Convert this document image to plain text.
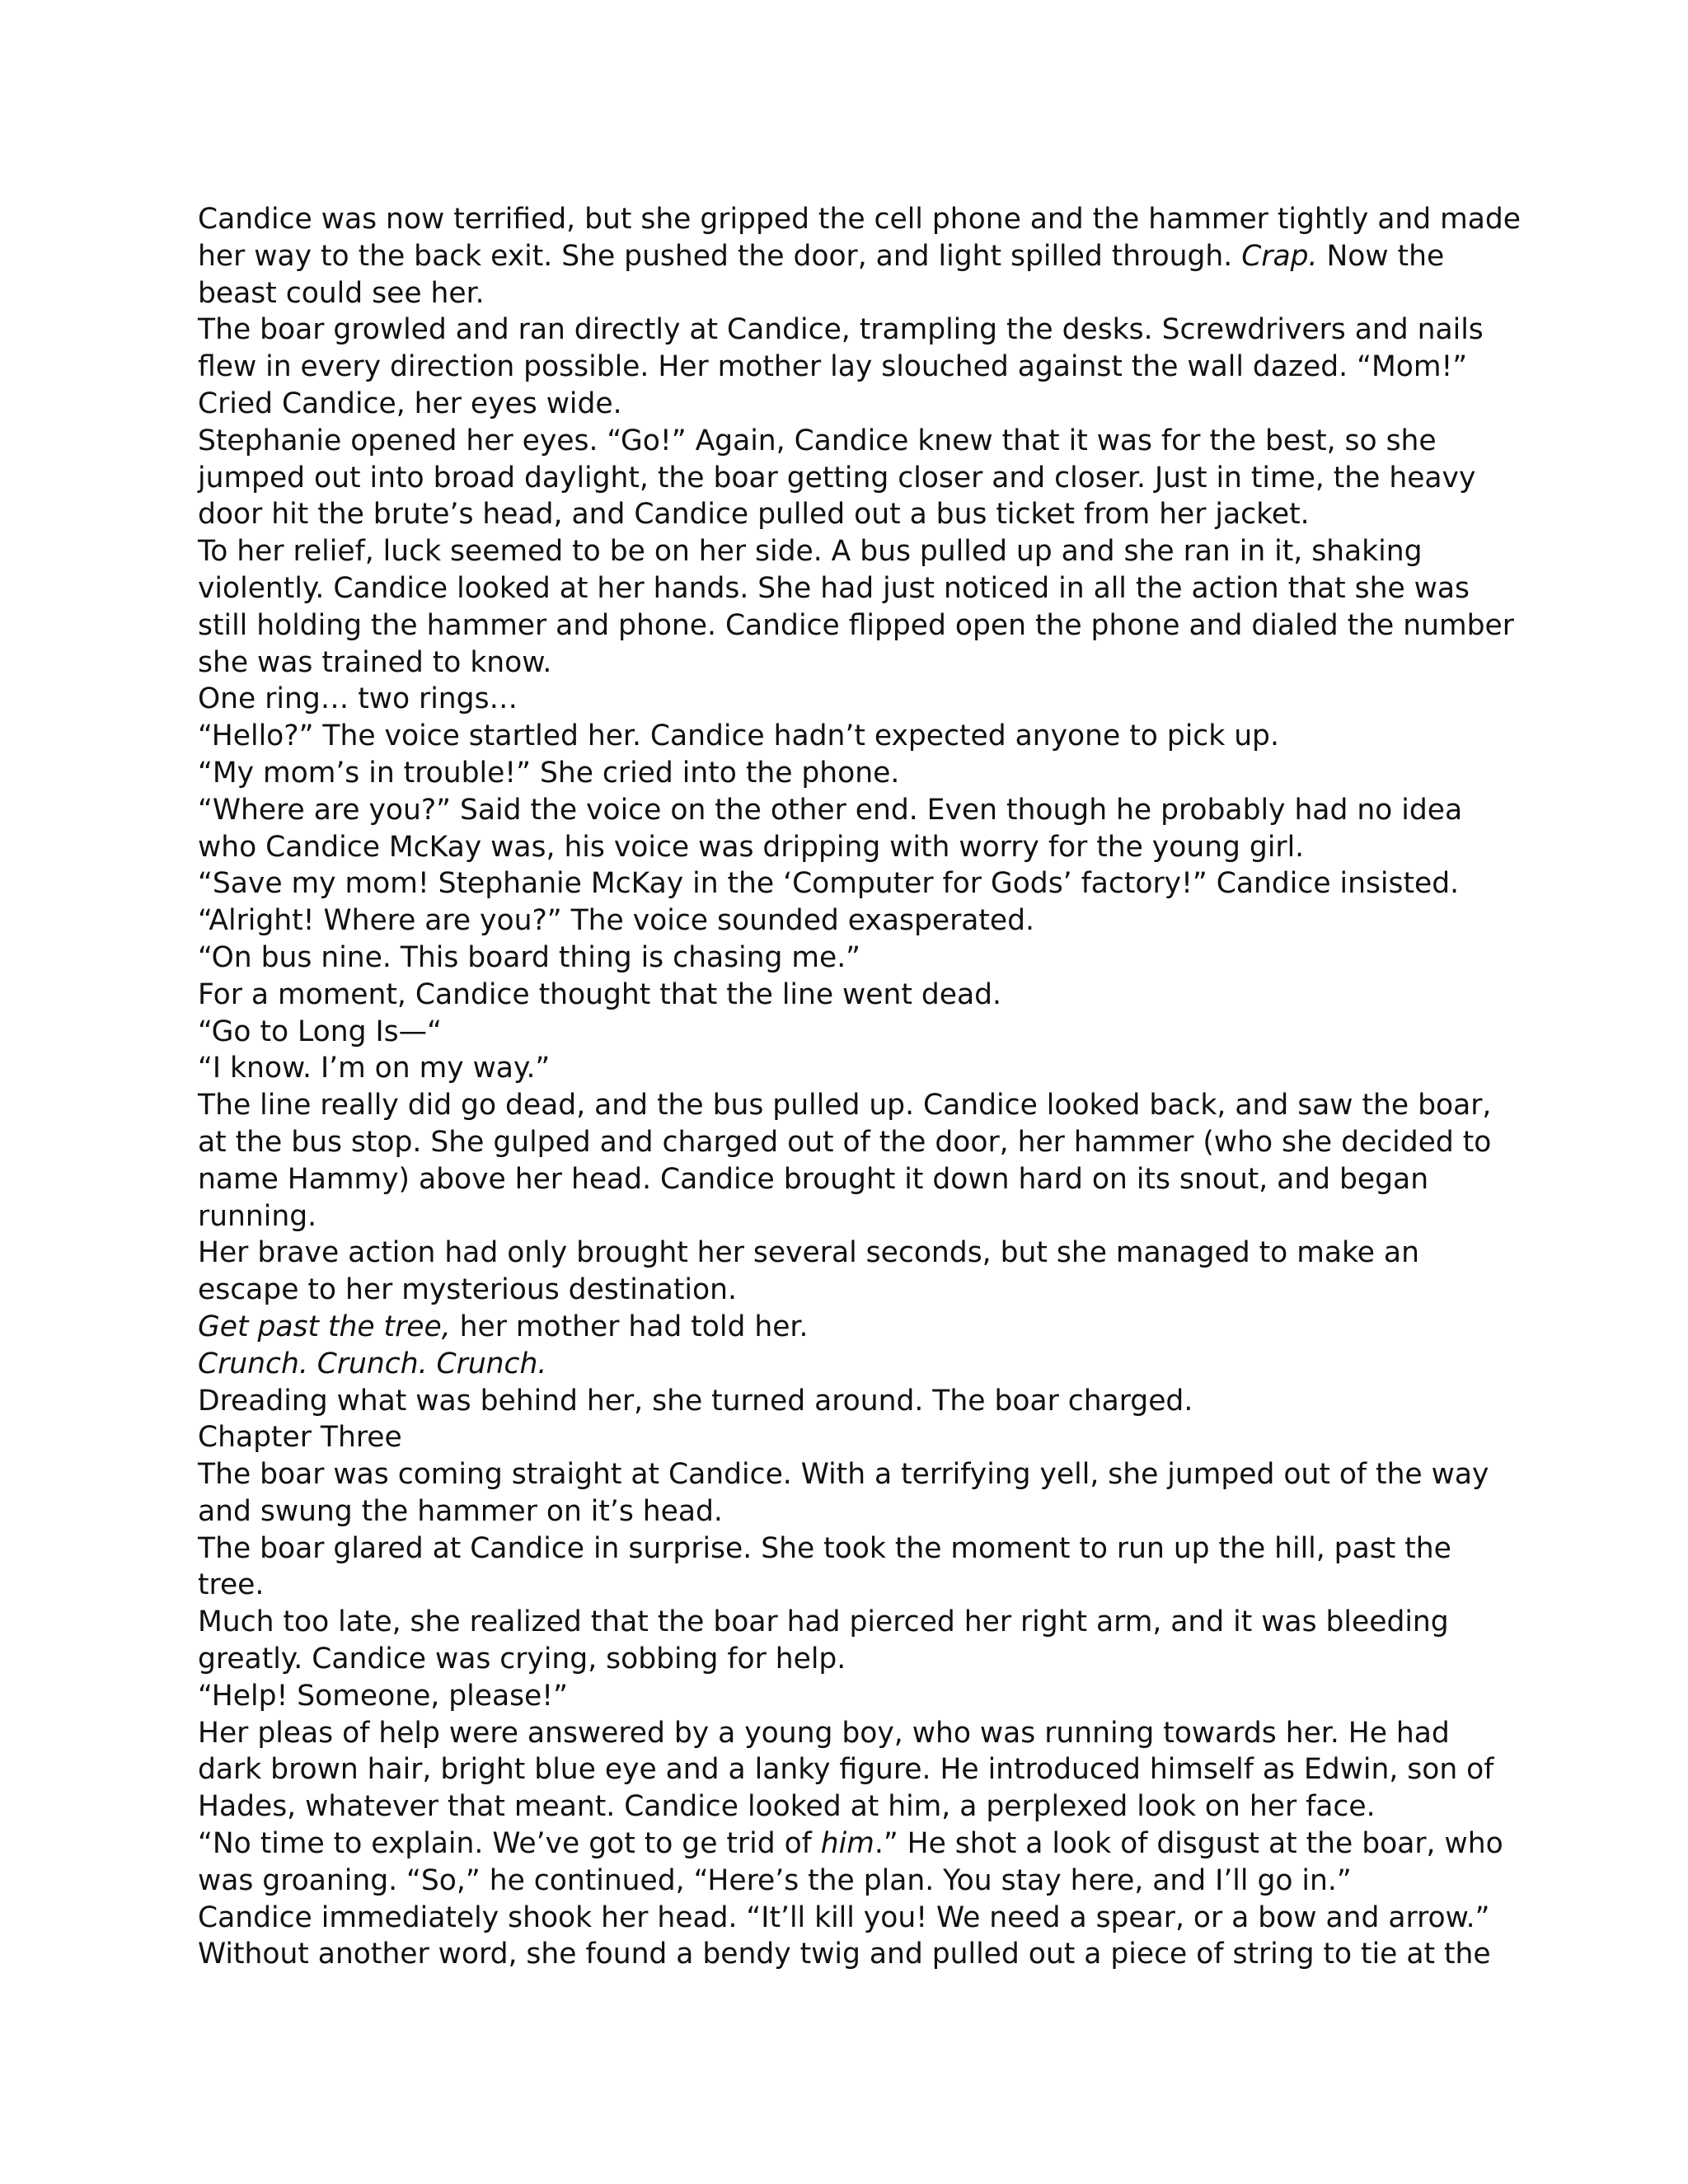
Candice was now terrified, but she gripped the cell phone and the hammer tightly and made
her way to the back exit. She pushed the door, and light spilled through. Crap. Now the
beast could see her.
The boar growled and ran directly at Candice, trampling the desks. Screwdrivers and nails
flew in every direction possible. Her mother lay slouched against the wall dazed. “Mom!”
Cried Candice, her eyes wide.
Stephanie opened her eyes. “Go!” Again, Candice knew that it was for the best, so she
jumped out into broad daylight, the boar getting closer and closer. Just in time, the heavy
door hit the brute’s head, and Candice pulled out a bus ticket from her jacket.
To her relief, luck seemed to be on her side. A bus pulled up and she ran in it, shaking
violently. Candice looked at her hands. She had just noticed in all the action that she was
still holding the hammer and phone. Candice flipped open the phone and dialed the number
she was trained to know.
One ring… two rings…
“Hello?” The voice startled her. Candice hadn’t expected anyone to pick up.
“My mom’s in trouble!” She cried into the phone.
“Where are you?” Said the voice on the other end. Even though he probably had no idea
who Candice McKay was, his voice was dripping with worry for the young girl.
“Save my mom! Stephanie McKay in the ‘Computer for Gods’ factory!” Candice insisted.
“Alright! Where are you?” The voice sounded exasperated.
“On bus nine. This board thing is chasing me.”
For a moment, Candice thought that the line went dead.
“Go to Long Is—“
“I know. I’m on my way.”
The line really did go dead, and the bus pulled up. Candice looked back, and saw the boar,
at the bus stop. She gulped and charged out of the door, her hammer (who she decided to
name Hammy) above her head. Candice brought it down hard on its snout, and began
running.
Her brave action had only brought her several seconds, but she managed to make an
escape to her mysterious destination.
Get past the tree, her mother had told her.
Crunch. Crunch. Crunch.
Dreading what was behind her, she turned around. The boar charged.
Chapter Three
The boar was coming straight at Candice. With a terrifying yell, she jumped out of the way
and swung the hammer on it’s head.
The boar glared at Candice in surprise. She took the moment to run up the hill, past the
tree.
Much too late, she realized that the boar had pierced her right arm, and it was bleeding
greatly. Candice was crying, sobbing for help.
“Help! Someone, please!”
Her pleas of help were answered by a young boy, who was running towards her. He had
dark brown hair, bright blue eye and a lanky figure. He introduced himself as Edwin, son of
Hades, whatever that meant. Candice looked at him, a perplexed look on her face.
“No time to explain. We’ve got to ge trid of him.” He shot a look of disgust at the boar, who
was groaning. “So,” he continued, “Here’s the plan. You stay here, and I’ll go in.”
Candice immediately shook her head. “It’ll kill you! We need a spear, or a bow and arrow.”
Without another word, she found a bendy twig and pulled out a piece of string to tie at the
